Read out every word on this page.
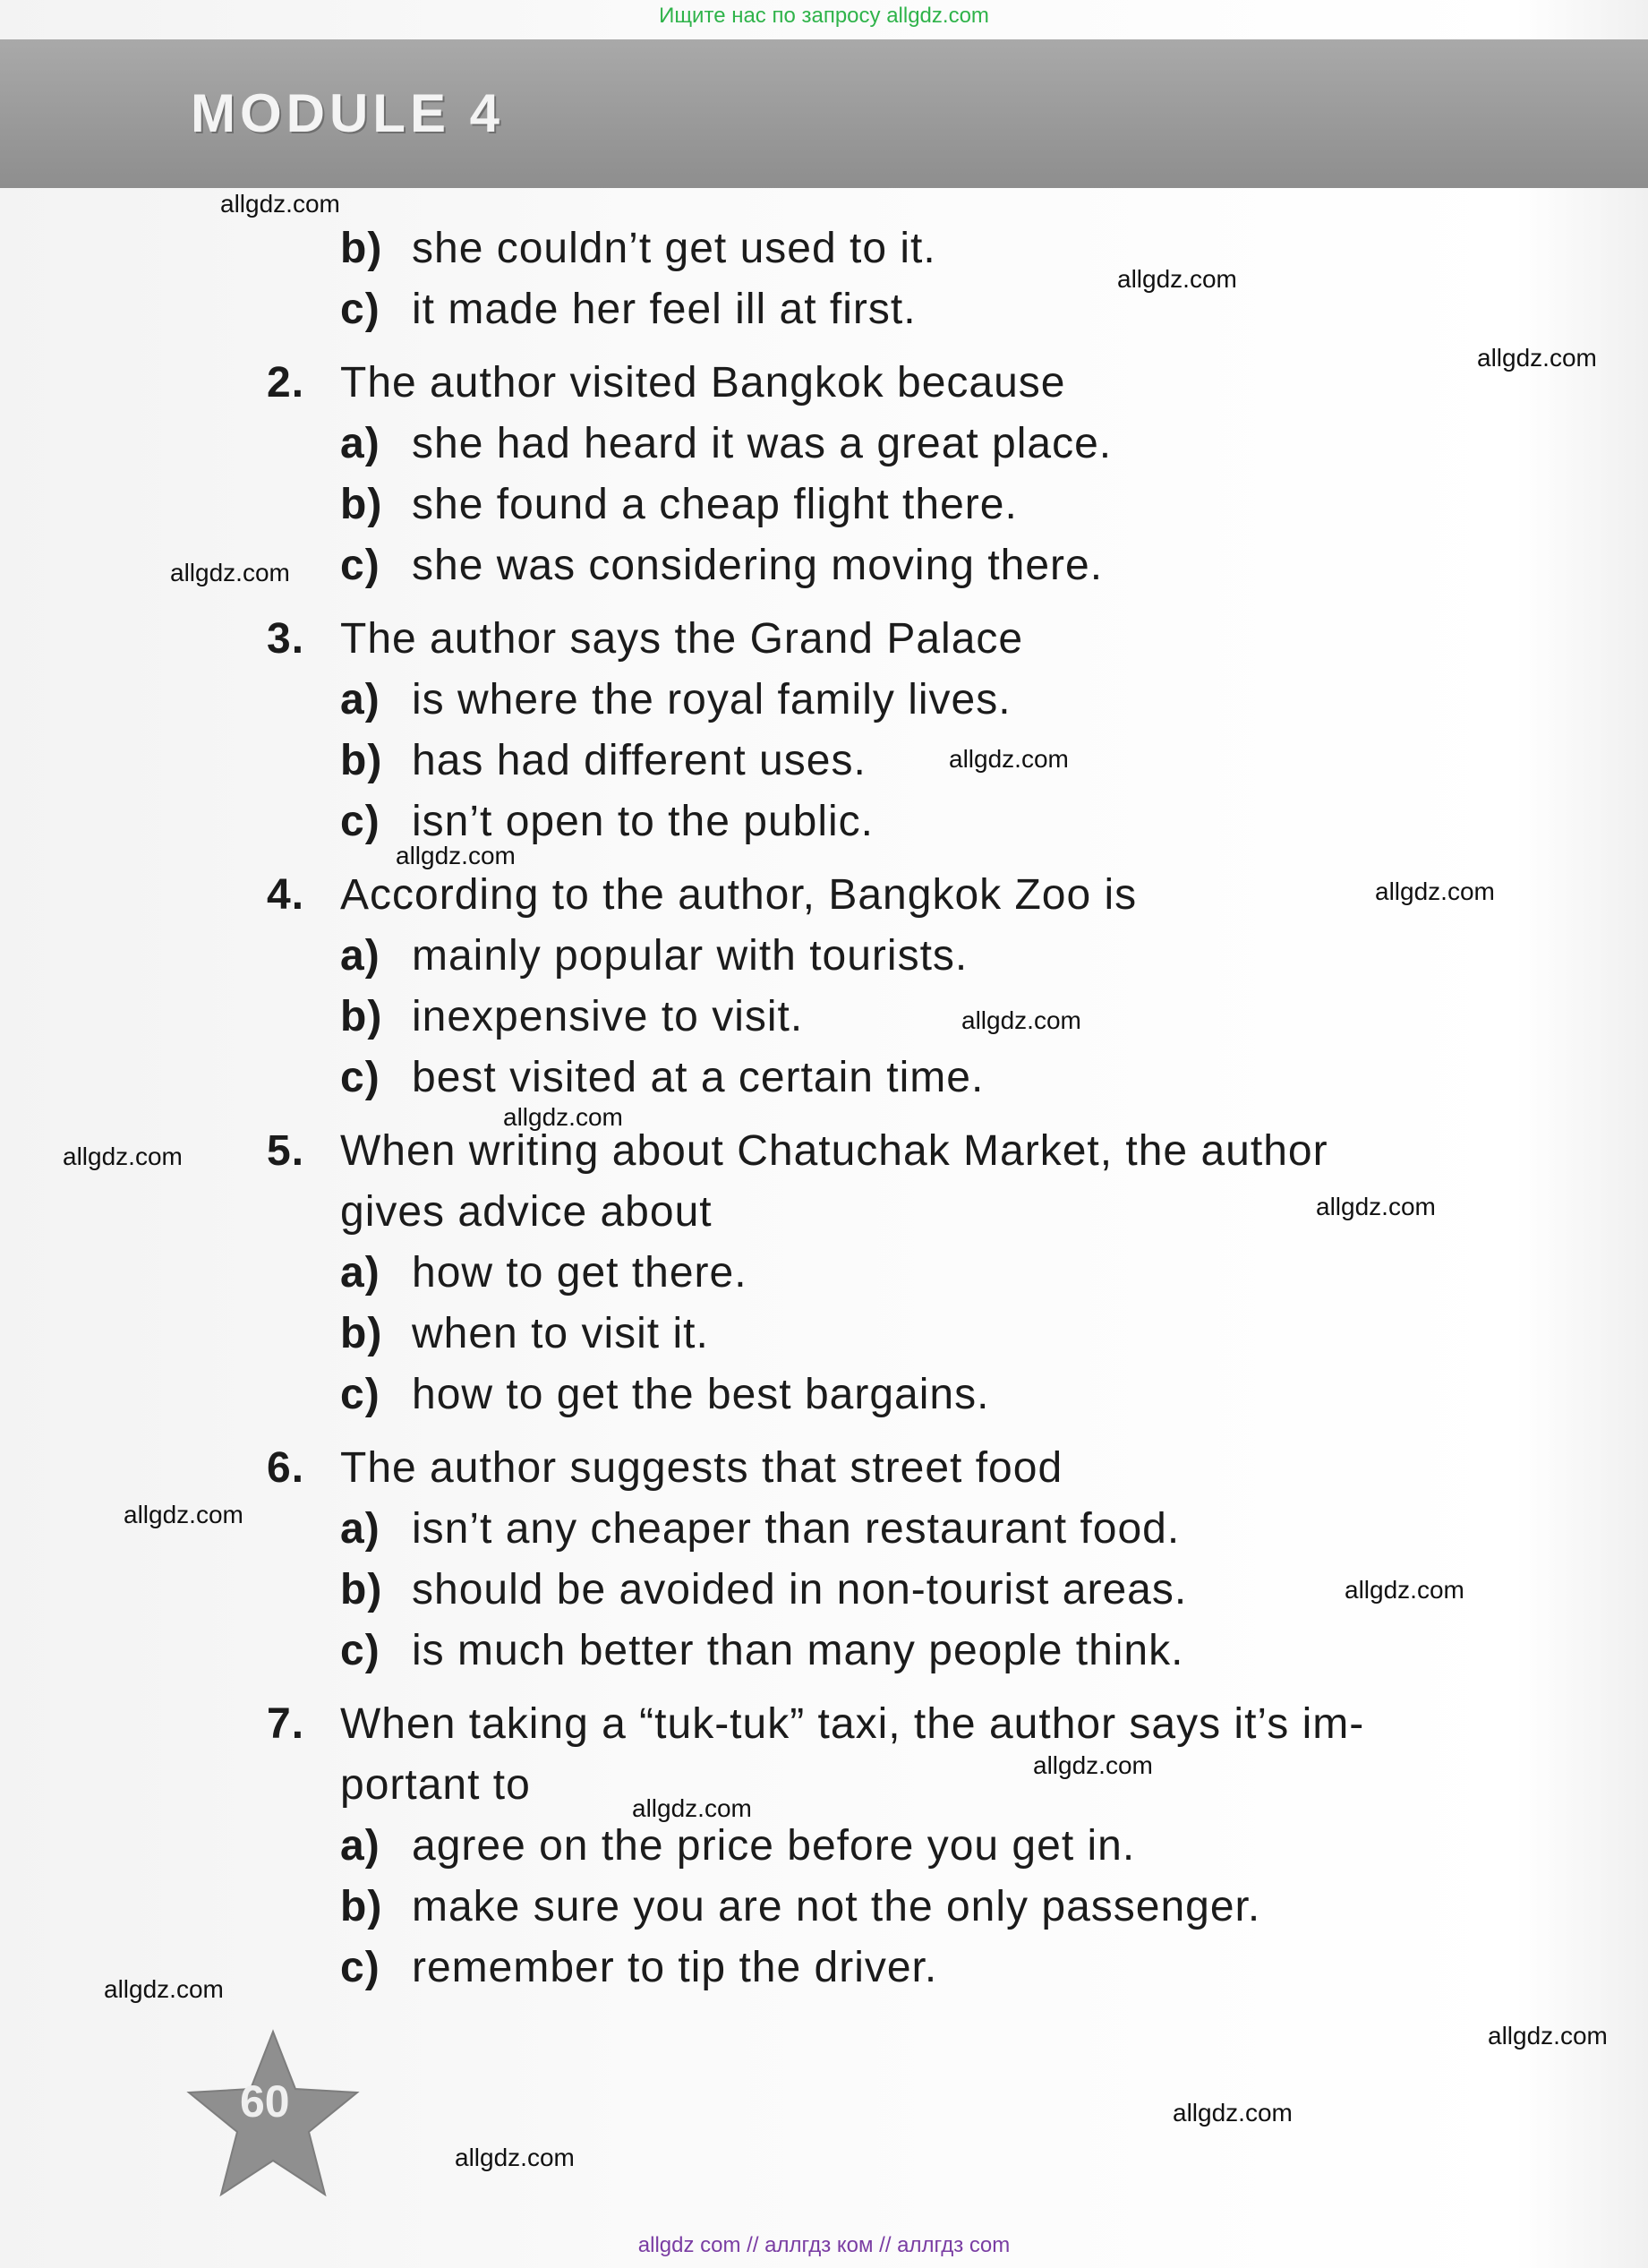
Ищите нас по запросу allgdz.com
MODULE 4
b) she couldn’t get used to it.
c) it made her feel ill at first.
2. The author visited Bangkok because
a) she had heard it was a great place.
b) she found a cheap flight there.
c) she was considering moving there.
3. The author says the Grand Palace
a) is where the royal family lives.
b) has had different uses.
c) isn’t open to the public.
4. According to the author, Bangkok Zoo is
a) mainly popular with tourists.
b) inexpensive to visit.
c) best visited at a certain time.
5. When writing about Chatuchak Market, the author
gives advice about
a) how to get there.
b) when to visit it.
c) how to get the best bargains.
6. The author suggests that street food
a) isn’t any cheaper than restaurant food.
b) should be avoided in non-tourist areas.
c) is much better than many people think.
7. When taking a “tuk-tuk” taxi, the author says it’s im-
portant to
a) agree on the price before you get in.
b) make sure you are not the only passenger.
c) remember to tip the driver.
allgdz.com
allgdz.com
allgdz.com
allgdz.com
allgdz.com
allgdz.com
allgdz.com
allgdz.com
allgdz.com
allgdz.com
allgdz.com
allgdz.com
allgdz.com
allgdz.com
allgdz.com
allgdz.com
allgdz.com
allgdz.com
allgdz.com
60
allgdz com // аллгдз ком // аллгдз com
